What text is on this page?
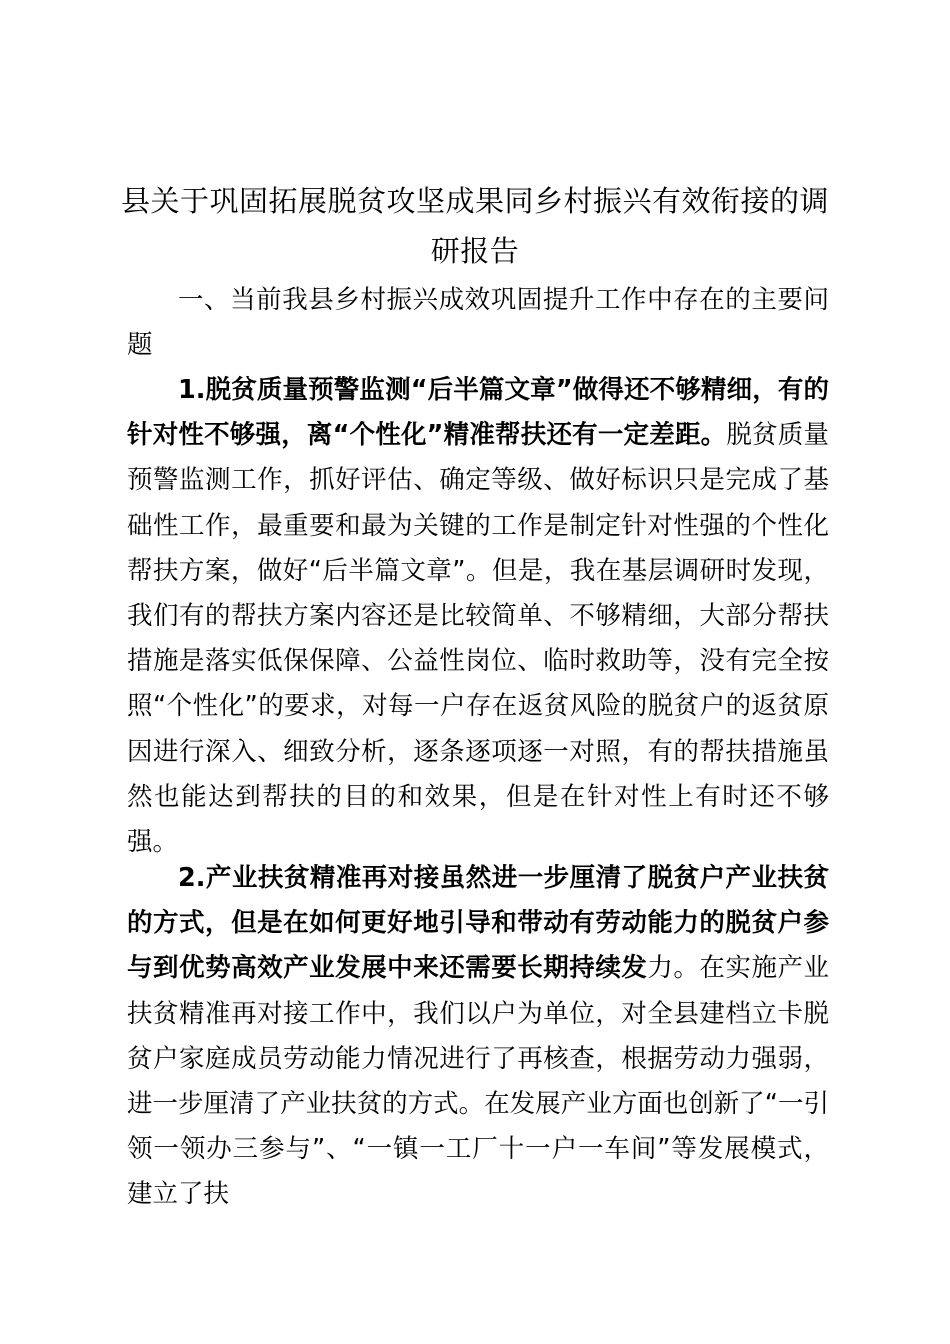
县关于巩固拓展脱贫攻坚成果同乡村振兴有效衔接的调研报告

一、当前我县乡村振兴成效巩固提升工作中存在的主要问题

1.脱贫质量预警监测“后半篇文章”做得还不够精细，有的针对性不够强，离“个性化”精准帮扶还有一定差距。脱贫质量预警监测工作，抓好评估、确定等级、做好标识只是完成了基础性工作，最重要和最为关键的工作是制定针对性强的个性化帮扶方案，做好“后半篇文章”。但是，我在基层调研时发现，我们有的帮扶方案内容还是比较简单、不够精细，大部分帮扶措施是落实低保保障、公益性岗位、临时救助等，没有完全按照“个性化”的要求，对每一户存在返贫风险的脱贫户的返贫原因进行深入、细致分析，逐条逐项逐一对照，有的帮扶措施虽然也能达到帮扶的目的和效果，但是在针对性上有时还不够强。

2.产业扶贫精准再对接虽然进一步厘清了脱贫户产业扶贫的方式，但是在如何更好地引导和带动有劳动能力的脱贫户参与到优势高效产业发展中来还需要长期持续发力。在实施产业扶贫精准再对接工作中，我们以户为单位，对全县建档立卡脱贫户家庭成员劳动能力情况进行了再核查，根据劳动力强弱，进一步厘清了产业扶贫的方式。在发展产业方面也创新了“一引领一领办三参与”、“一镇一工厂十一户一车间”等发展模式，建立了扶
